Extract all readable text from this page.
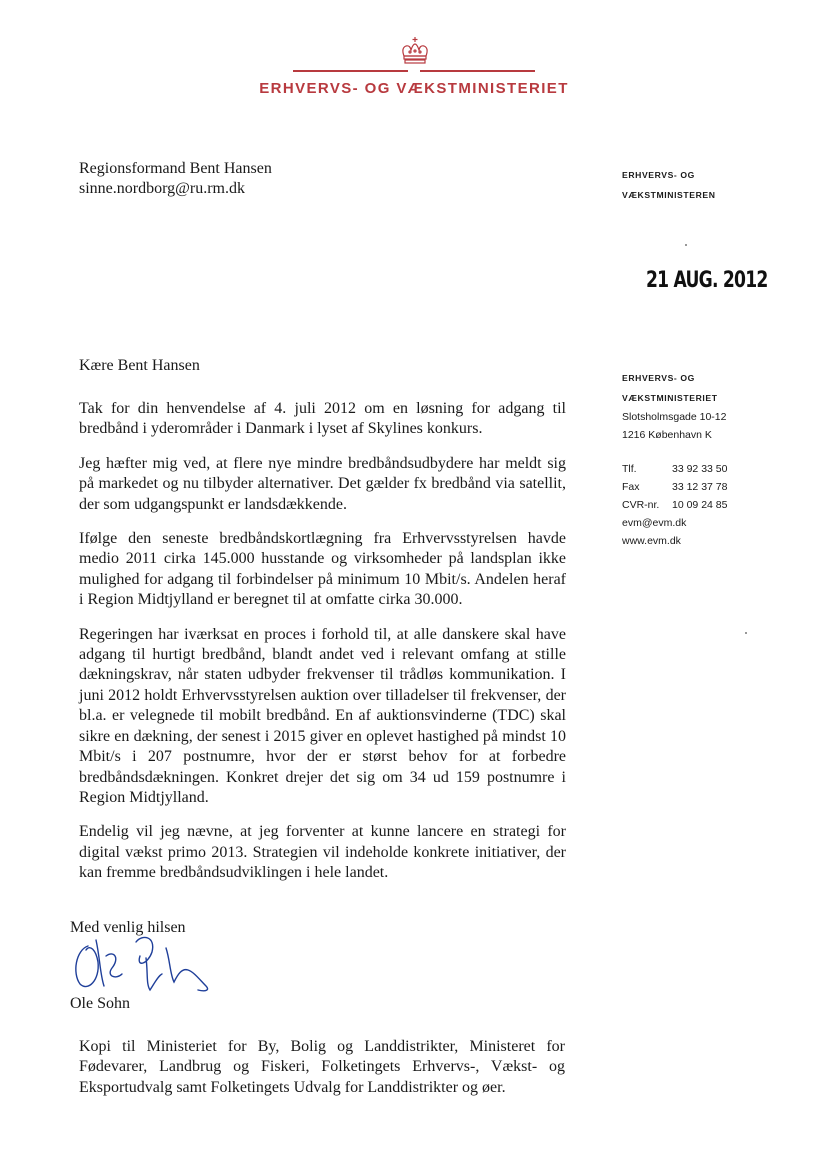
ERHVERVS- OG VÆKSTMINISTERIET
Regionsformand Bent Hansen
sinne.nordborg@ru.rm.dk
ERHVERVS- OG
VÆKSTMINISTEREN
21 AUG. 2012
ERHVERVS- OG
VÆKSTMINISTERIET
Slotsholmsgade 10-12
1216 København K
Tlf.	33 92 33 50
Fax	33 12 37 78
CVR-nr.	10 09 24 85
evm@evm.dk
www.evm.dk
Kære Bent Hansen

Tak for din henvendelse af 4. juli 2012 om en løsning for adgang til bredbånd i yderområder i Danmark i lyset af Skylines konkurs.

Jeg hæfter mig ved, at flere nye mindre bredbåndsudbydere har meldt sig på markedet og nu tilbyder alternativer. Det gælder fx bredbånd via satellit, der som udgangspunkt er landsdækkende.

Ifølge den seneste bredbåndskortlægning fra Erhvervsstyrelsen havde medio 2011 cirka 145.000 husstande og virksomheder på landsplan ikke mulighed for adgang til forbindelser på minimum 10 Mbit/s. Andelen heraf i Region Midtjylland er beregnet til at omfatte cirka 30.000.

Regeringen har iværksat en proces i forhold til, at alle danskere skal have adgang til hurtigt bredbånd, blandt andet ved i relevant omfang at stille dækningskrav, når staten udbyder frekvenser til trådløs kommunikation. I juni 2012 holdt Erhvervsstyrelsen auktion over tilladelser til frekvenser, der bl.a. er velegnede til mobilt bredbånd. En af auktionsvinderne (TDC) skal sikre en dækning, der senest i 2015 giver en oplevet hastighed på mindst 10 Mbit/s i 207 postnumre, hvor der er størst behov for at forbedre bredbåndsdækningen. Konkret drejer det sig om 34 ud 159 postnumre i Region Midtjylland.

Endelig vil jeg nævne, at jeg forventer at kunne lancere en strategi for digital vækst primo 2013. Strategien vil indeholde konkrete initiativer, der kan fremme bredbåndsudviklingen i hele landet.

Med venlig hilsen
Ole Sohn
Kopi til Ministeriet for By, Bolig og Landdistrikter, Ministeret for Fødevarer, Landbrug og Fiskeri, Folketingets Erhvervs-, Vækst- og Eksportudvalg samt Folketingets Udvalg for Landdistrikter og øer.
